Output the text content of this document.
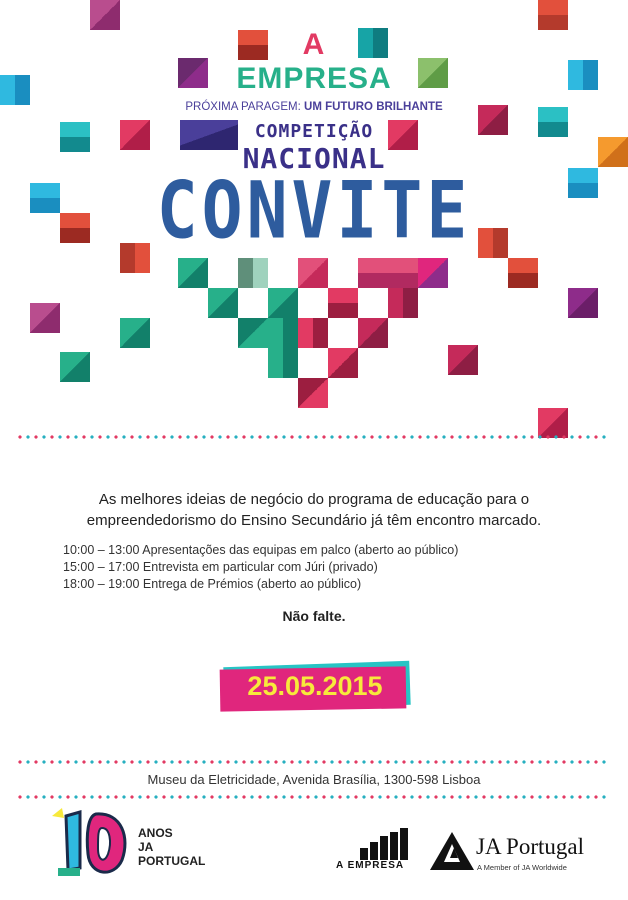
A
EMPRESA
PRÓXIMA PARAGEM: UM FUTURO BRILHANTE
COMPETIÇÃO
NACIONAL
CONVITE
As melhores ideias de negócio do programa de educação para o
empreendedorismo do Ensino Secundário já têm encontro marcado.
10:00 – 13:00 Apresentações das equipas em palco (aberto ao público)
15:00 – 17:00 Entrevista em particular com Júri (privado)
18:00 – 19:00 Entrega de Prémios (aberto ao público)
Não falte.
25.05.2015
Museu da Eletricidade, Avenida Brasília, 1300-598 Lisboa
ANOS
JA
PORTUGAL	A EMPRESA
JA Portugal
A Member of JA Worldwide
